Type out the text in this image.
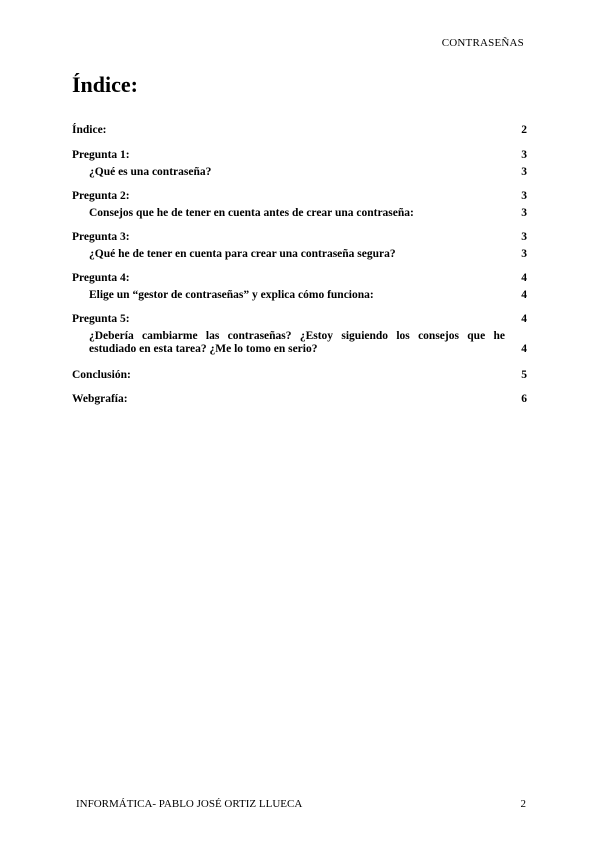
CONTRASEÑAS
Índice:
Índice:	2
Pregunta 1:	3
¿Qué es una contraseña?	3
Pregunta 2:	3
Consejos que he de tener en cuenta antes de crear una contraseña:	3
Pregunta 3:	3
¿Qué he de tener en cuenta para crear una contraseña segura?	3
Pregunta 4:	4
Elige un “gestor de contraseñas” y explica cómo funciona:	4
Pregunta 5:	4
¿Debería cambiarme las contraseñas? ¿Estoy siguiendo los consejos que he estudiado en esta tarea? ¿Me lo tomo en serio?	4
Conclusión:	5
Webgrafía:	6
INFORMÁTICA- PABLO JOSÉ ORTIZ LLUECA	2
